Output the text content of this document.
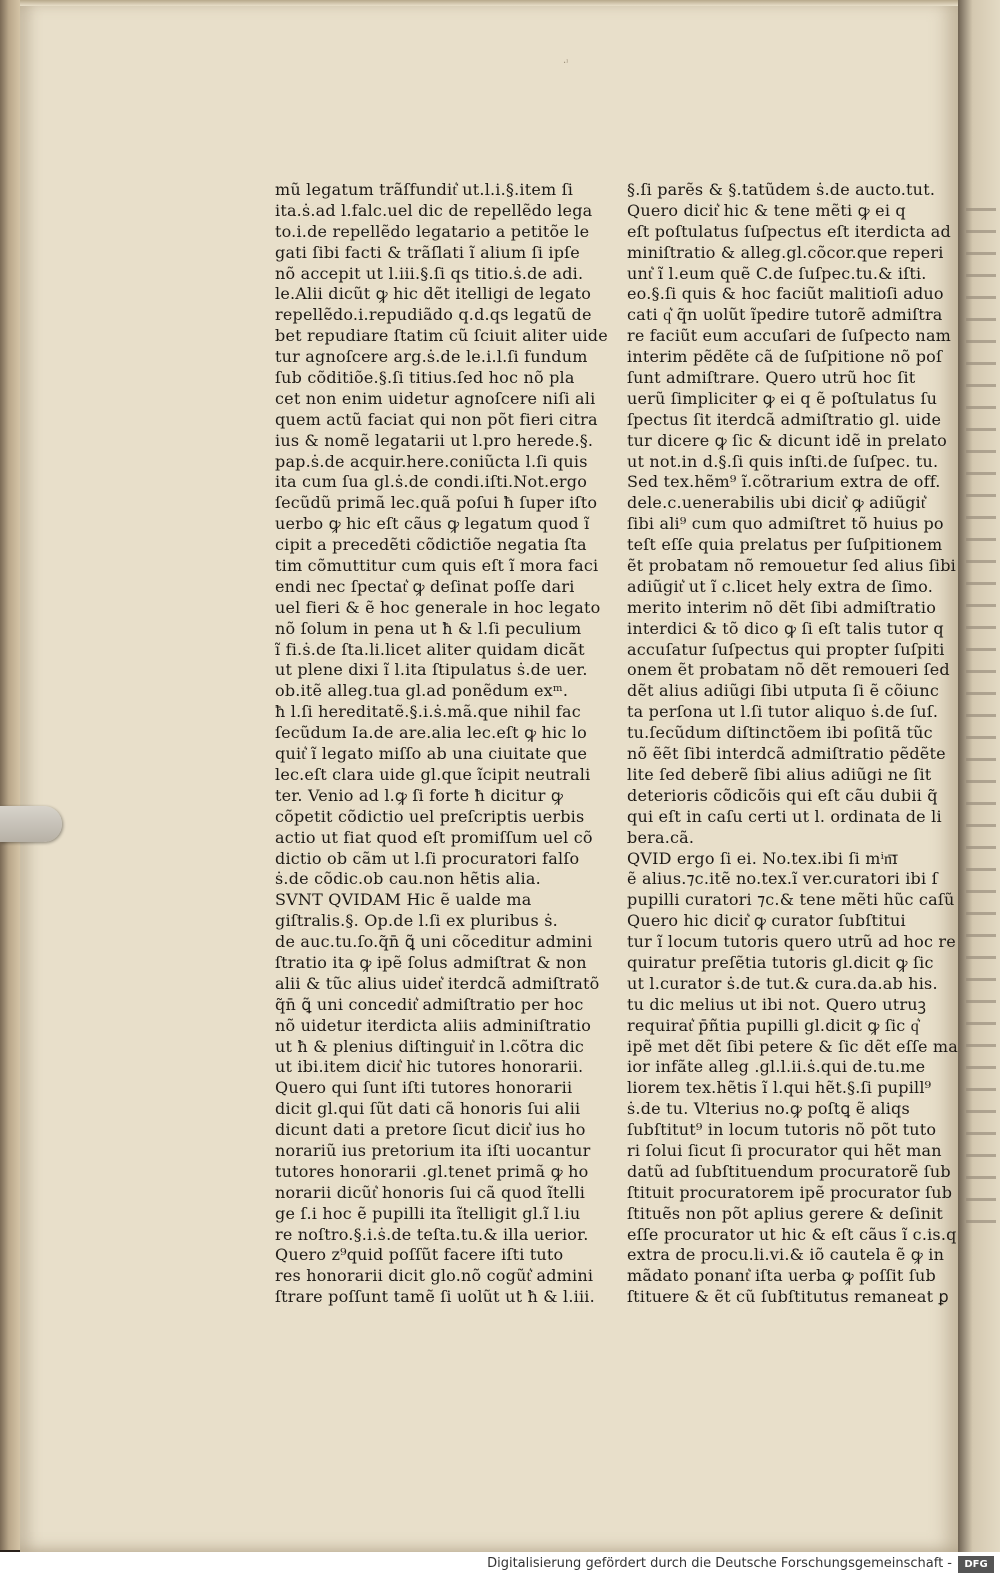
·ᶦ
mũ legatum trãſfundit͛ ut.l.i.§.item ſi
ita.ṡ.ad l.falc.uel dic de repellẽdo lega
to.i.de repellẽdo legatario a petitõe le
gati ſibi facti & trãſlati ĩ alium ſi ipſe
nõ accepit ut l.iii.§.ſi qs titio.ṡ.de adi.
le.Alii dicũt ꝙ hic dẽt itelligi de legato
repellẽdo.i.repudiãdo q.d.qs legatũ de
bet repudiare ſtatim cũ ſciuit aliter uide
tur agnoſcere arg.ṡ.de le.i.l.ſi fundum
ſub cõditiõe.§.ſi titius.ſed hoc nõ pla
cet non enim uidetur agnoſcere niſi ali
quem actũ faciat qui non põt fieri citra
ius & nomẽ legatarii ut l.pro herede.§.
pap.ṡ.de acquir.here.coniũcta l.ſi quis
ita cum ſua gl.ṡ.de condi.iſti.Not.ergo
ſecũdũ primã lec.quã poſui ħ ſuper iſto
uerbo ꝙ hic eſt cãus ꝙ legatum quod ĩ
cipit a precedẽti cõdictiõe negatia ſta
tim cõmuttitur cum quis eſt ĩ mora faci
endi nec ſpectat͛ ꝙ deſinat poſſe dari
uel fieri & ẽ hoc generale in hoc legato
nõ ſolum in pena ut ħ & l.ſi peculium
ĩ fi.ṡ.de ſta.li.licet aliter quidam dicãt
ut plene dixi ĩ l.ita ſtipulatus ṡ.de uer.
ob.itẽ alleg.tua gl.ad ponẽdum exᵐ.
ħ l.ſi hereditatẽ.§.i.ṡ.mã.que nihil fac
ſecũdum Ia.de are.alia lec.eſt ꝙ hic lo
quit͛ ĩ legato miſſo ab una ciuitate que
lec.eſt clara uide gl.que ĩcipit neutrali
ter. Venio ad l.ꝙ ſi forte ħ dicitur ꝙ
cõpetit cõdictio uel preſcriptis uerbis
actio ut fiat quod eſt promiſſum uel cõ
dictio ob cãm ut l.ſi procuratori falſo
ṡ.de cõdic.ob cau.non hẽtis alia.
SVNT QVIDAM Hic ẽ ualde ma
giſtralis.§. Op.de l.ſi ex pluribus ṡ.
de auc.tu.ſo.q̃n̄ ꝗ̃ uni cõceditur admini
ſtratio ita ꝙ ipẽ ſolus admiſtrat & non
alii & tũc alius uidet͛ iterdcã admiſtratõ
q̃n̄ ꝗ̃ uni concedit͛ admiſtratio per hoc
nõ uidetur iterdicta aliis adminiſtratio
ut ħ & plenius diſtinguit͛ in l.cõtra dic
ut ibi.item dicit͛ hic tutores honorarii.
Quero qui ſunt iſti tutores honorarii
dicit gl.qui ſũt dati cã honoris ſui alii
dicunt dati a pretore ſicut dicit͛ ius ho
norariũ ius pretorium ita iſti uocantur
tutores honorarii .gl.tenet primã ꝙ ho
norarii dicũt͛ honoris ſui cã quod ĩtelli
ge ſ.i hoc ẽ pupilli ita ĩtelligit gl.ĩ l.iu
re noſtro.§.i.ṡ.de teſta.tu.& illa uerior.
Quero z⁹quid poſſũt facere iſti tuto
res honorarii dicit glo.nõ cogũt͛ admini
ſtrare poſſunt tamẽ ſi uolũt ut ħ & l.iii.
§.ſi parẽs & §.tatũdem ṡ.de aucto.tut.
Quero dicit͛ hic & tene mẽti ꝙ ei q
eſt poſtulatus ſuſpectus eſt iterdicta ad
miniſtratio & alleg.gl.cõcor.que reperi
unt͛ ĩ l.eum quẽ C.de ſuſpec.tu.& iſti.
eo.§.ſi quis & hoc faciũt malitioſi aduo
cati q͛ q̃n uolũt ĩpedire tutorẽ admiſtra
re faciũt eum accuſari de ſuſpecto nam
interim pẽdẽte cã de ſuſpitione nõ poſ
ſunt admiſtrare. Quero utrũ hoc ſit
uerũ ſimpliciter ꝙ ei q ẽ poſtulatus ſu
ſpectus ſit iterdcã admiſtratio gl. uide
tur dicere ꝙ ſic & dicunt idẽ in prelato
ut not.in d.§.ſi quis inſti.de ſuſpec. tu.
Sed tex.hẽm⁹ ĩ.cõtrarium extra de off.
dele.c.uenerabilis ubi dicit͛ ꝙ adiũgit͛
ſibi ali⁹ cum quo admiſtret tõ huius po
teſt eſſe quia prelatus per ſuſpitionem
ẽt probatam nõ remouetur ſed alius ſibi
adiũgit͛ ut ĩ c.licet hely extra de ſimo.
merito interim nõ dẽt ſibi admiſtratio
interdici & tõ dico ꝙ ſi eſt talis tutor q
accuſatur ſuſpectus qui propter ſuſpiti
onem ẽt probatam nõ dẽt remoueri ſed
dẽt alius adiũgi ſibi utputa ſi ẽ cõiunc
ta perſona ut l.ſi tutor aliquo ṡ.de ſuſ.
tu.ſecũdum diſtinctõem ibi poſitã tũc
nõ ẽẽt ſibi interdcã admiſtratio pẽdẽte
lite ſed deberẽ ſibi alius adiũgi ne ſit
deterioris cõdicõis qui eſt cãu dubii q̃
qui eſt in caſu certi ut l. ordinata de li
bera.cã.
QVID ergo ſi ei. No.tex.ibi ſi mⁱn͞ı
ẽ alius.⁊c.itẽ no.tex.ĩ ver.curatori ibi ſ
pupilli curatori ⁊c.& tene mẽti hũc caſũ
Quero hic dicit͛ ꝙ curator ſubſtitui
tur ĩ locum tutoris quero utrũ ad hoc re
quiratur preſẽtia tutoris gl.dicit ꝙ ſic
ut l.curator ṡ.de tut.& cura.da.ab his.
tu dic melius ut ibi not. Quero utruꝫ
requirat͛ p̄ñtia pupilli gl.dicit ꝙ ſic q͛
ipẽ met dẽt ſibi petere & ſic dẽt eſſe ma
ior infãte alleg .gl.l.ii.ṡ.qui de.tu.me
liorem tex.hẽtis ĩ l.qui hẽt.§.ſi pupill⁹
ṡ.de tu. Vlterius no.ꝙ poſtꝗ ẽ aliqs
ſubſtitut⁹ in locum tutoris nõ põt tuto
ri ſolui ſicut ſi procurator qui hẽt man
datũ ad ſubſtituendum procuratorẽ ſub
ſtituit procuratorem ipẽ procurator ſub
ſtituẽs non põt aplius gerere & deſinit
eſſe procurator ut hic & eſt cãus ĩ c.is.q
extra de procu.li.vi.& iõ cautela ẽ ꝙ in
mãdato ponant͛ iſta uerba ꝙ poſſit ſub
ſtituere & ẽt cũ ſubſtitutus remaneat ꝑ
Digitalisierung gefördert durch die Deutsche Forschungsgemeinschaft -	DFG
